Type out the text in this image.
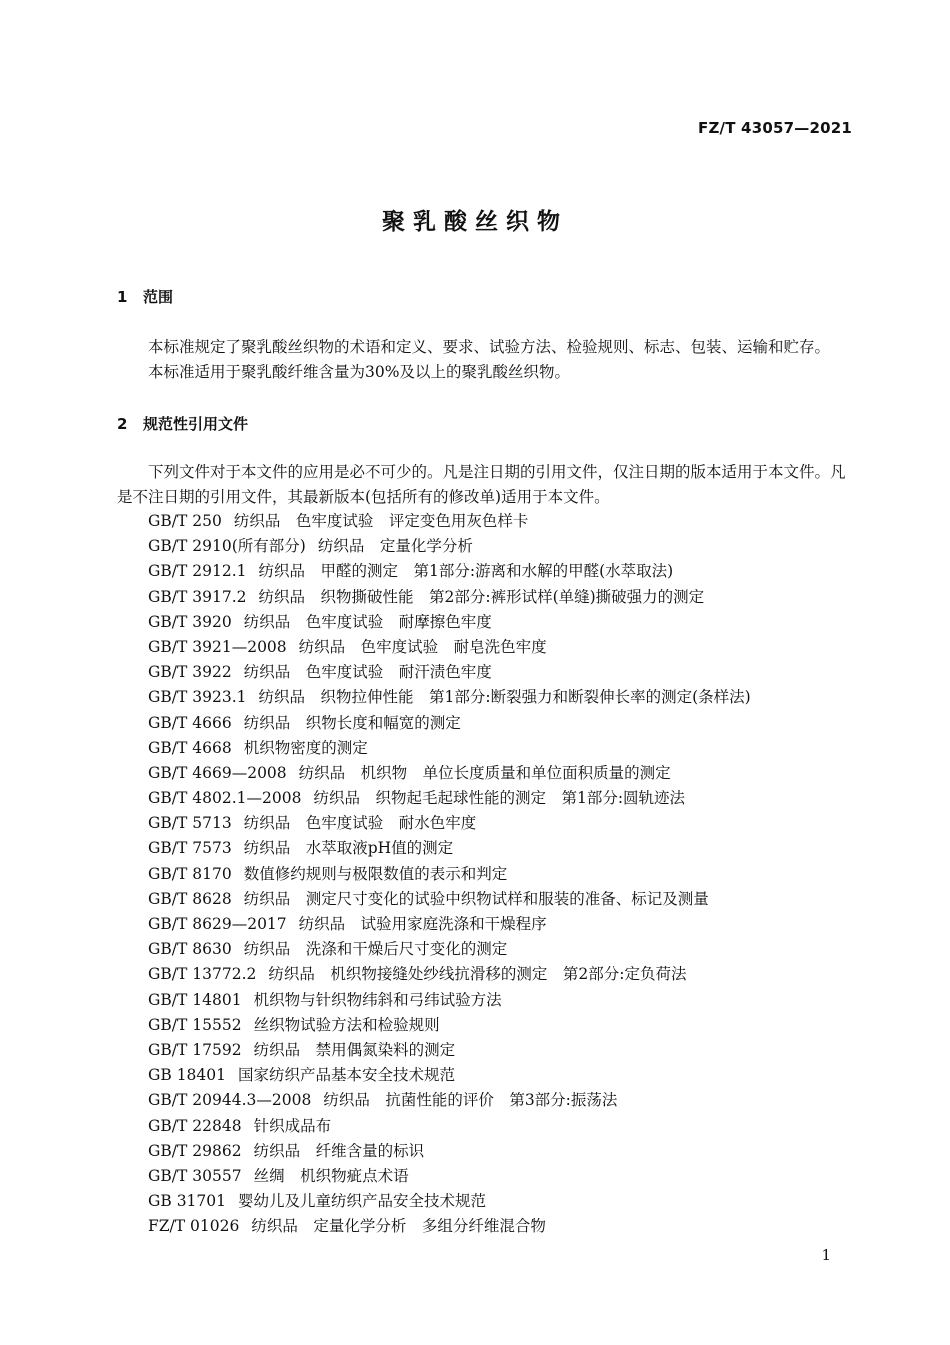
FZ/T 43057—2021
聚乳酸丝织物
1 范围

本标准规定了聚乳酸丝织物的术语和定义、要求、试验方法、检验规则、标志、包装、运输和贮存。

本标准适用于聚乳酸纤维含量为30%及以上的聚乳酸丝织物。

2 规范性引用文件

下列文件对于本文件的应用是必不可少的。凡是注日期的引用文件，仅注日期的版本适用于本文件。凡是不注日期的引用文件，其最新版本(包括所有的修改单)适用于本文件。

GB/T 250 纺织品　色牢度试验　评定变色用灰色样卡
GB/T 2910(所有部分) 纺织品　定量化学分析
GB/T 2912.1 纺织品　甲醛的测定　第1部分:游离和水解的甲醛(水萃取法)
GB/T 3917.2 纺织品　织物撕破性能　第2部分:裤形试样(单缝)撕破强力的测定
GB/T 3920 纺织品　色牢度试验　耐摩擦色牢度
GB/T 3921—2008 纺织品　色牢度试验　耐皂洗色牢度
GB/T 3922 纺织品　色牢度试验　耐汗渍色牢度
GB/T 3923.1 纺织品　织物拉伸性能　第1部分:断裂强力和断裂伸长率的测定(条样法)
GB/T 4666 纺织品　织物长度和幅宽的测定
GB/T 4668 机织物密度的测定
GB/T 4669—2008 纺织品　机织物　单位长度质量和单位面积质量的测定
GB/T 4802.1—2008 纺织品　织物起毛起球性能的测定　第1部分:圆轨迹法
GB/T 5713 纺织品　色牢度试验　耐水色牢度
GB/T 7573 纺织品　水萃取液pH值的测定
GB/T 8170 数值修约规则与极限数值的表示和判定
GB/T 8628 纺织品　测定尺寸变化的试验中织物试样和服装的准备、标记及测量
GB/T 8629—2017 纺织品　试验用家庭洗涤和干燥程序
GB/T 8630 纺织品　洗涤和干燥后尺寸变化的测定
GB/T 13772.2 纺织品　机织物接缝处纱线抗滑移的测定　第2部分:定负荷法
GB/T 14801 机织物与针织物纬斜和弓纬试验方法
GB/T 15552 丝织物试验方法和检验规则
GB/T 17592 纺织品　禁用偶氮染料的测定
GB 18401 国家纺织产品基本安全技术规范
GB/T 20944.3—2008 纺织品　抗菌性能的评价　第3部分:振荡法
GB/T 22848 针织成品布
GB/T 29862 纺织品　纤维含量的标识
GB/T 30557 丝绸　机织物疵点术语
GB 31701 婴幼儿及儿童纺织产品安全技术规范
FZ/T 01026 纺织品　定量化学分析　多组分纤维混合物
1
